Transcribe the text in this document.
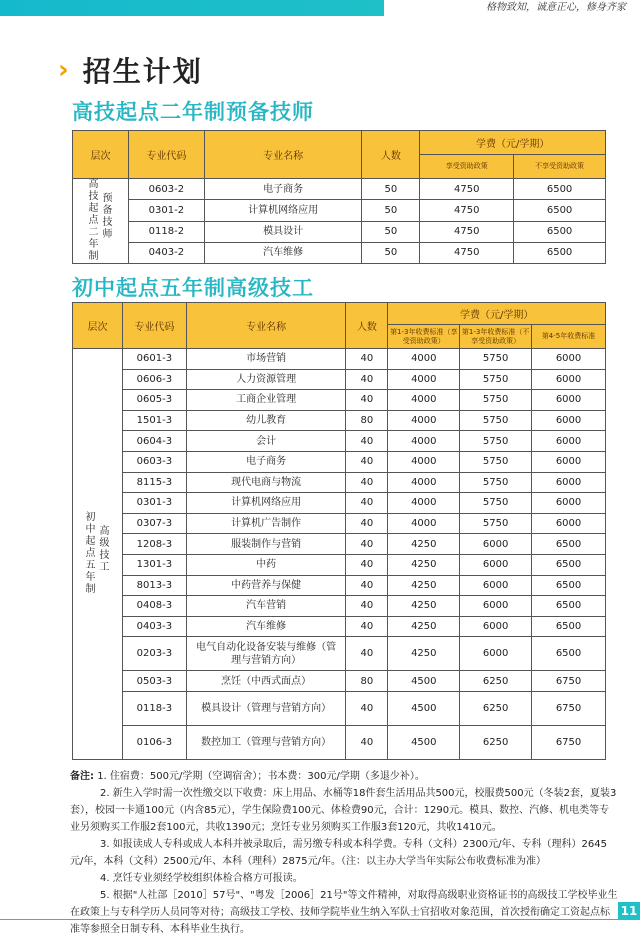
格物致知，诚意正心，修身齐家
› 招生计划
高技起点二年制预备技师
层次	专业代码	专业名称	人数	学费（元/学期）	
				享受资助政策	不享受资助政策

高技起点二年制
预备技师	0603-2	电子商务	50	4750	6500
	0301-2	计算机网络应用	50	4750	6500
	0118-2	模具设计	50	4750	6500
	0403-2	汽车维修	50	4750	6500
初中起点五年制高级技工
层次	专业代码	专业名称	人数	学费（元/学期）		
				第1-3年收费标准（享受资助政策）	第1-3年收费标准（不享受资助政策）	第4-5年收费标准

初中起点五年制
高级技工	0601-3	市场营销	40	4000	5750	6000
	0606-3	人力资源管理	40	4000	5750	6000
	0605-3	工商企业管理	40	4000	5750	6000
	1501-3	幼儿教育	80	4000	5750	6000
	0604-3	会计	40	4000	5750	6000
	0603-3	电子商务	40	4000	5750	6000
	8115-3	现代电商与物流	40	4000	5750	6000
	0301-3	计算机网络应用	40	4000	5750	6000
	0307-3	计算机广告制作	40	4000	5750	6000
	1208-3	服装制作与营销	40	4250	6000	6500
	1301-3	中药	40	4250	6000	6500
	8013-3	中药营养与保健	40	4250	6000	6500
	0408-3	汽车营销	40	4250	6000	6500
	0403-3	汽车维修	40	4250	6000	6500
	0203-3	电气自动化设备安装与维修（管理与营销方向）	40	4250	6000	6500
	0503-3	烹饪（中西式面点）	80	4500	6250	6750
	0118-3	模具设计（管理与营销方向）	40	4500	6250	6750
	0106-3	数控加工（管理与营销方向）	40	4500	6250	6750

备注: 1. 住宿费：500元/学期（空调宿舍）；书本费：300元/学期（多退少补）。

2. 新生入学时需一次性缴交以下收费：床上用品、水桶等18件套生活用品共500元，校服费500元（冬装2套，夏装3套），校园一卡通100元（内含85元），学生保险费100元、体检费90元，合计：1290元。模具、数控、汽修、机电类等专业另须购买工作服2套100元，共收1390元；烹饪专业另须购买工作服3套120元，共收1410元。

3. 如报读成人专科或成人本科并被录取后，需另缴专科或本科学费。专科（文科）2300元/年、专科（理科）2645元/年，本科（文科）2500元/年、本科（理科）2875元/年。（注：以主办大学当年实际公布收费标准为准）

4. 烹饪专业须经学校组织体检合格方可报读。

5. 根据"人社部［2010］57号"、"粤发［2006］21号"等文件精神，对取得高级职业资格证书的高级技工学校毕业生在政策上与专科学历人员同等对待；高级技工学校、技师学院毕业生纳入军队士官招收对象范围，首次授衔确定工资起点标准等参照全日制专科、本科毕业生执行。

11
